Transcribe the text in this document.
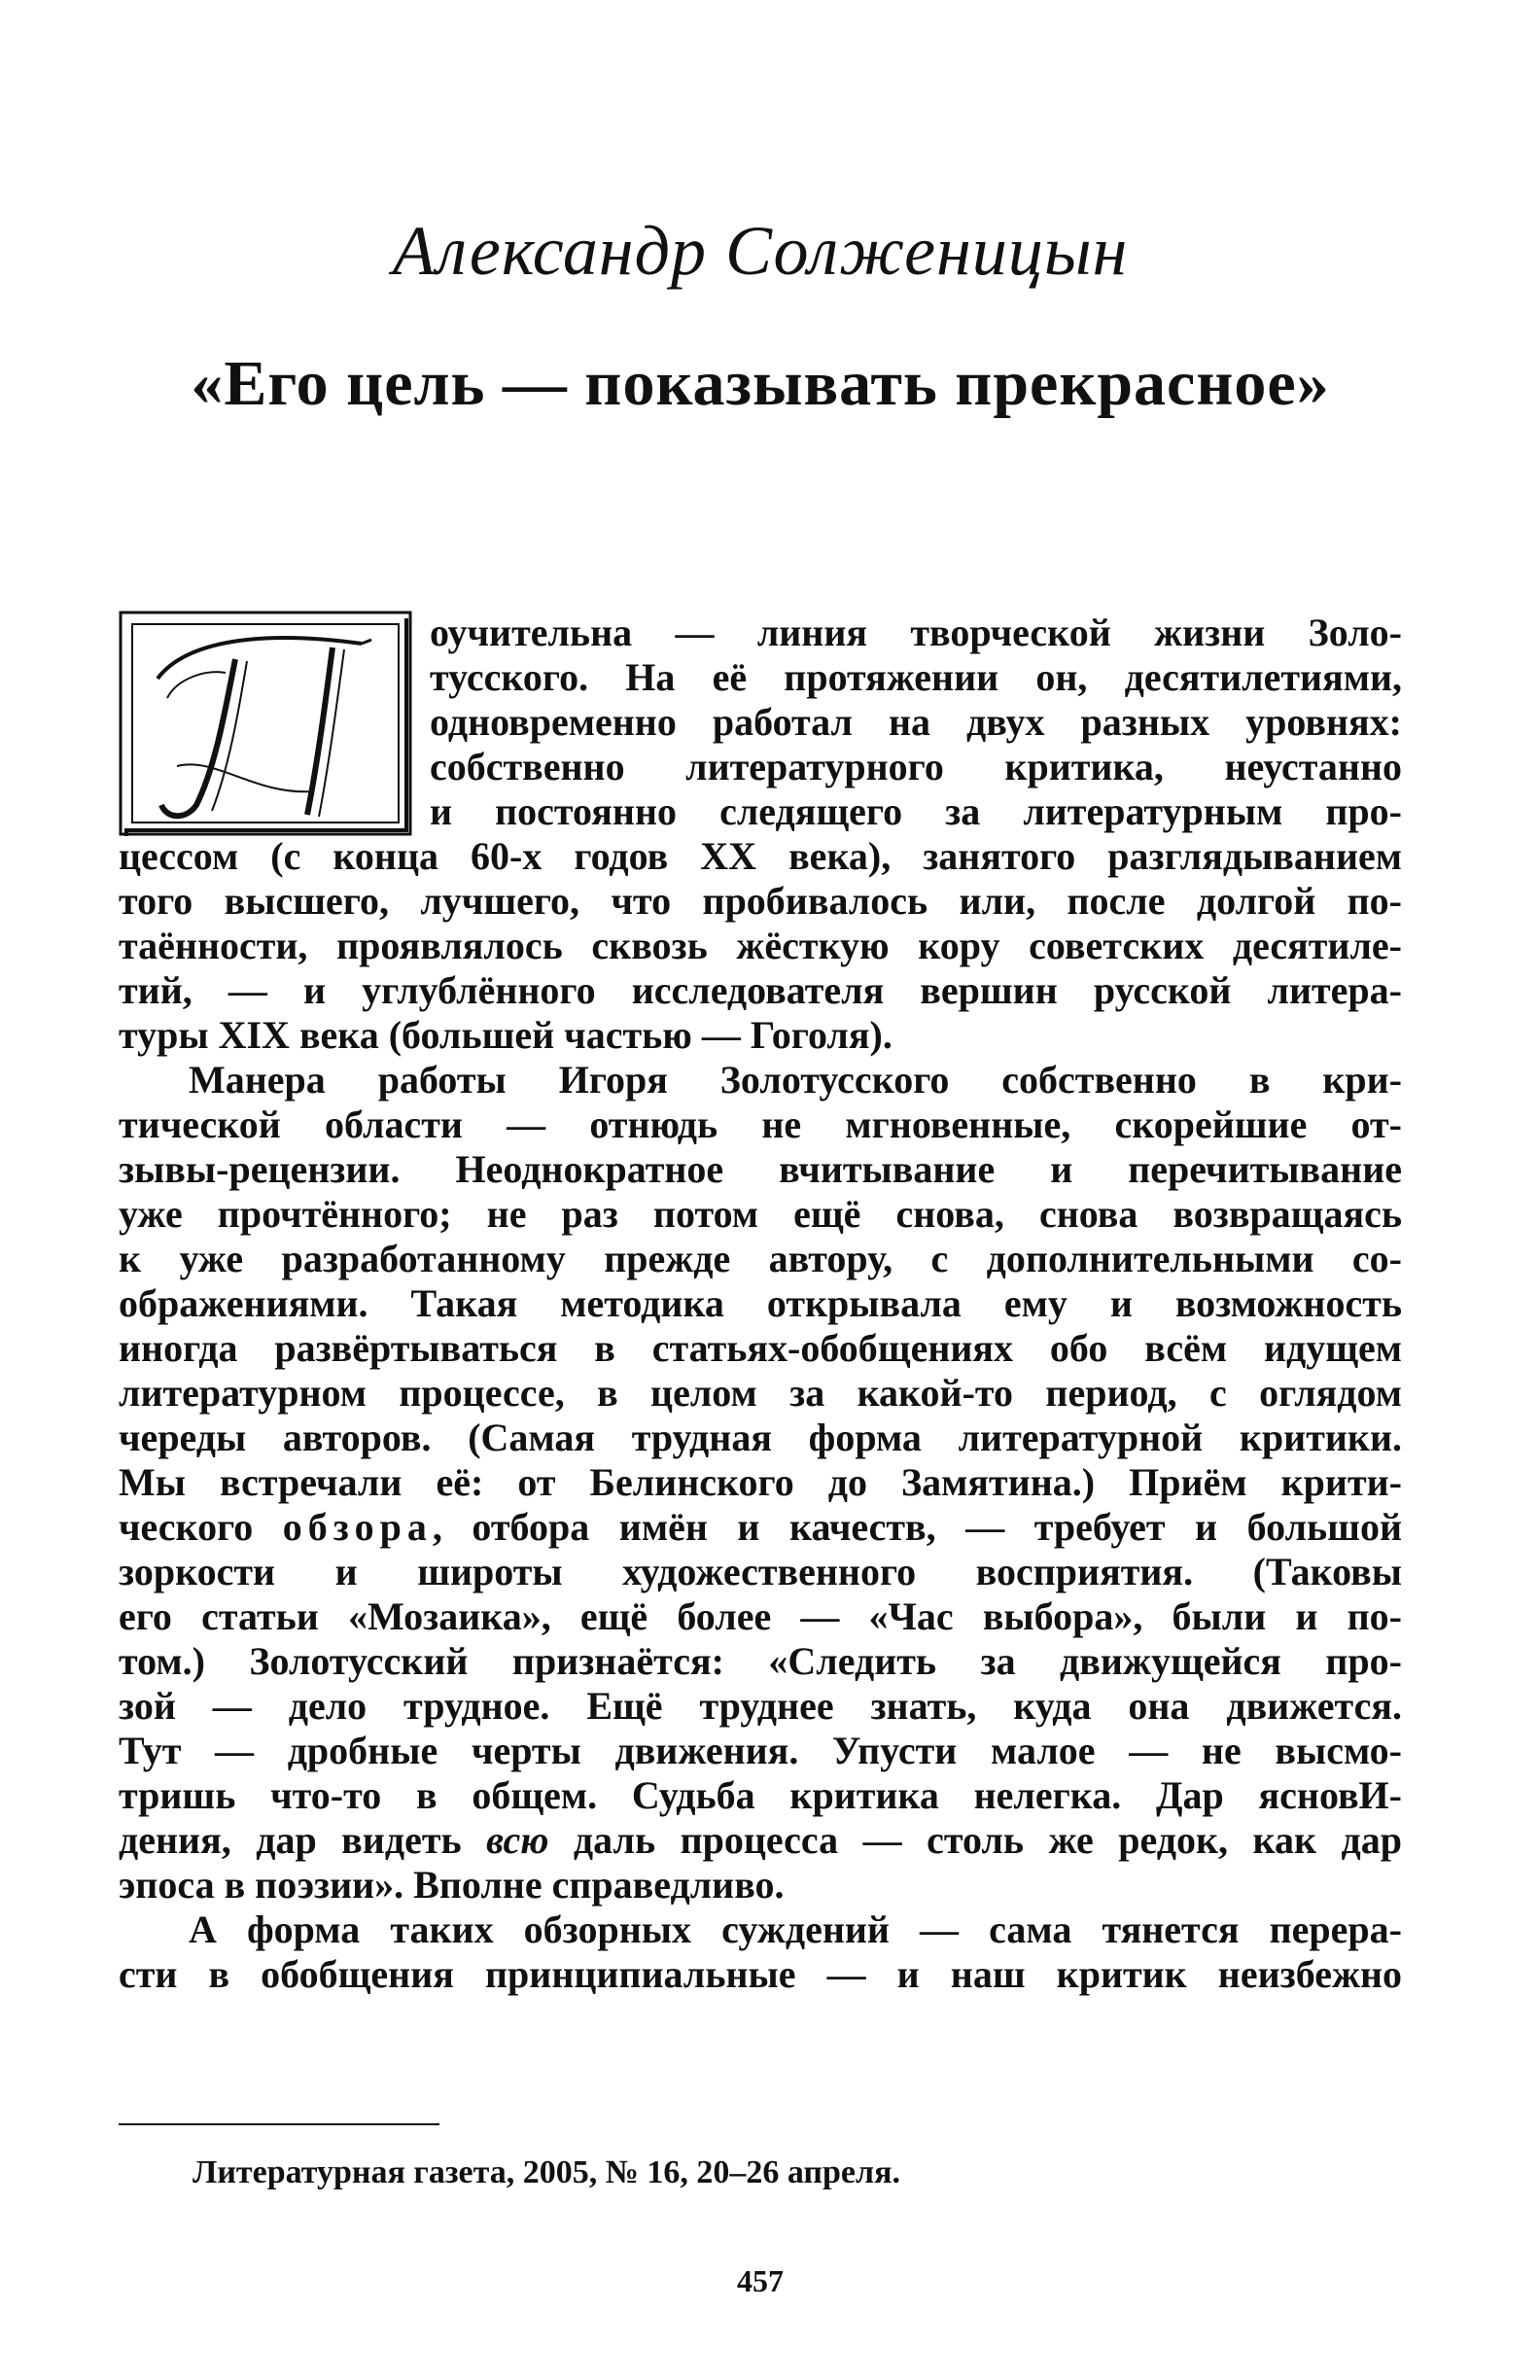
Александр Солженицын
«Его цель — показывать прекрасное»
оучительна — линия творческой жизни Золо-
тусского. На её протяжении он, десятилетиями,
одновременно работал на двух разных уровнях:
собственно литературного критика, неустанно
и постоянно следящего за литературным про-
цессом (с конца 60-х годов XX века), занятого разглядыванием
того высшего, лучшего, что пробивалось или, после долгой по-
таённости, проявлялось сквозь жёсткую кору советских десятиле-
тий, — и углублённого исследователя вершин русской литера-
туры XIX века (большей частью — Гоголя).
Манера работы Игоря Золотусского собственно в кри-
тической области — отнюдь не мгновенные, скорейшие от-
зывы-рецензии. Неоднократное вчитывание и перечитывание
уже прочтённого; не раз потом ещё снова, снова возвращаясь
к уже разработанному прежде автору, с дополнительными со-
ображениями. Такая методика открывала ему и возможность
иногда развёртываться в статьях-обобщениях обо всём идущем
литературном процессе, в целом за какой-то период, с оглядом
череды авторов. (Самая трудная форма литературной критики.
Мы встречали её: от Белинского до Замятина.) Приём крити-
ческого обзора, отбора имён и качеств, — требует и большой
зоркости и широты художественного восприятия. (Таковы
его статьи «Мозаика», ещё более — «Час выбора», были и по-
том.) Золотусский признаётся: «Следить за движущейся про-
зой — дело трудное. Ещё труднее знать, куда она движется.
Тут — дробные черты движения. Упусти малое — не высмо-
тришь что-то в общем. Судьба критика нелегка. Дар ясновИ-
дения, дар видеть всю даль процесса — столь же редок, как дар
эпоса в поэзии». Вполне справедливо.
А форма таких обзорных суждений — сама тянется перера-
сти в обобщения принципиальные — и наш критик неизбежно
Литературная газета, 2005, № 16, 20–26 апреля.
457
